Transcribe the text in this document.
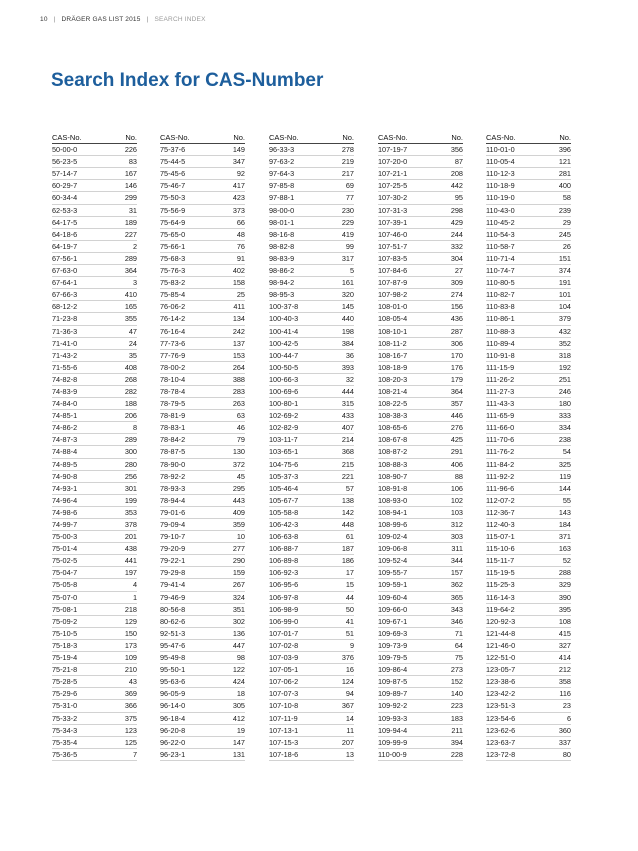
10 | DRÄGER GAS LIST 2015 | SEARCH INDEX
Search Index for CAS-Number
CAS-No.	No.
50-00-0	226
56-23-5	83
57-14-7	167
60-29-7	146
60-34-4	299
62-53-3	31
64-17-5	189
64-18-6	227
64-19-7	2
67-56-1	289
67-63-0	364
67-64-1	3
67-66-3	410
68-12-2	165
71-23-8	355
71-36-3	47
71-41-0	24
71-43-2	35
71-55-6	408
74-82-8	268
74-83-9	282
74-84-0	188
74-85-1	206
74-86-2	8
74-87-3	289
74-88-4	300
74-89-5	280
74-90-8	256
74-93-1	301
74-96-4	199
74-98-6	353
74-99-7	378
75-00-3	201
75-01-4	438
75-02-5	441
75-04-7	197
75-05-8	4
75-07-0	1
75-08-1	218
75-09-2	129
75-10-5	150
75-18-3	173
75-19-4	109
75-21-8	210
75-28-5	43
75-29-6	369
75-31-0	366
75-33-2	375
75-34-3	123
75-35-4	125
75-36-5	7
CAS-No.	No.
75-37-6	149
75-44-5	347
75-45-6	92
75-46-7	417
75-50-3	423
75-56-9	373
75-64-9	66
75-65-0	48
75-66-1	76
75-68-3	91
75-76-3	402
75-83-2	158
75-85-4	25
76-06-2	411
76-14-2	134
76-16-4	242
77-73-6	137
77-76-9	153
78-00-2	264
78-10-4	388
78-78-4	283
78-79-5	263
78-81-9	63
78-83-1	46
78-84-2	79
78-87-5	130
78-90-0	372
78-92-2	45
78-93-3	295
78-94-4	443
79-01-6	409
79-09-4	359
79-10-7	10
79-20-9	277
79-22-1	290
79-29-8	159
79-41-4	267
79-46-9	324
80-56-8	351
80-62-6	302
92-51-3	136
95-47-6	447
95-49-8	98
95-50-1	122
95-63-6	424
96-05-9	18
96-14-0	305
96-18-4	412
96-20-8	19
96-22-0	147
96-23-1	131
CAS-No.	No.
96-33-3	278
97-63-2	219
97-64-3	217
97-85-8	69
97-88-1	77
98-00-0	230
98-01-1	229
98-16-8	419
98-82-8	99
98-83-9	317
98-86-2	5
98-94-2	161
98-95-3	320
100-37-8	145
100-40-3	440
100-41-4	198
100-42-5	384
100-44-7	36
100-50-5	393
100-66-3	32
100-69-6	444
100-80-1	315
102-69-2	433
102-82-9	407
103-11-7	214
103-65-1	368
104-75-6	215
105-37-3	221
105-46-4	57
105-67-7	138
105-58-8	142
106-42-3	448
106-63-8	61
106-88-7	187
106-89-8	186
106-92-3	17
106-95-6	15
106-97-8	44
106-98-9	50
106-99-0	41
107-01-7	51
107-02-8	9
107-03-9	376
107-05-1	16
107-06-2	124
107-07-3	94
107-10-8	367
107-11-9	14
107-13-1	11
107-15-3	207
107-18-6	13
CAS-No.	No.
107-19-7	356
107-20-0	87
107-21-1	208
107-25-5	442
107-30-2	95
107-31-3	298
107-39-1	429
107-46-0	244
107-51-7	332
107-83-5	304
107-84-6	27
107-87-9	309
107-98-2	274
108-01-0	156
108-05-4	436
108-10-1	287
108-11-2	306
108-16-7	170
108-18-9	176
108-20-3	179
108-21-4	364
108-22-5	357
108-38-3	446
108-65-6	276
108-67-8	425
108-87-2	291
108-88-3	406
108-90-7	88
108-91-8	106
108-93-0	102
108-94-1	103
108-99-6	312
109-02-4	303
109-06-8	311
109-52-4	344
109-55-7	157
109-59-1	362
109-60-4	365
109-66-0	343
109-67-1	346
109-69-3	71
109-73-9	64
109-79-5	75
109-86-4	273
109-87-5	152
109-89-7	140
109-92-2	223
109-93-3	183
109-94-4	211
109-99-9	394
110-00-9	228
CAS-No.	No.
110-01-0	396
110-05-4	121
110-12-3	281
110-18-9	400
110-19-0	58
110-43-0	239
110-45-2	29
110-54-3	245
110-58-7	26
110-71-4	151
110-74-7	374
110-80-5	191
110-82-7	101
110-83-8	104
110-86-1	379
110-88-3	432
110-89-4	352
110-91-8	318
111-15-9	192
111-26-2	251
111-27-3	246
111-43-3	180
111-65-9	333
111-66-0	334
111-70-6	238
111-76-2	54
111-84-2	325
111-92-2	119
111-96-6	144
112-07-2	55
112-36-7	143
112-40-3	184
115-07-1	371
115-10-6	163
115-11-7	52
115-19-5	288
115-25-3	329
116-14-3	390
119-64-2	395
120-92-3	108
121-44-8	415
121-46-0	327
122-51-0	414
123-05-7	212
123-38-6	358
123-42-2	116
123-51-3	23
123-54-6	6
123-62-6	360
123-63-7	337
123-72-8	80
